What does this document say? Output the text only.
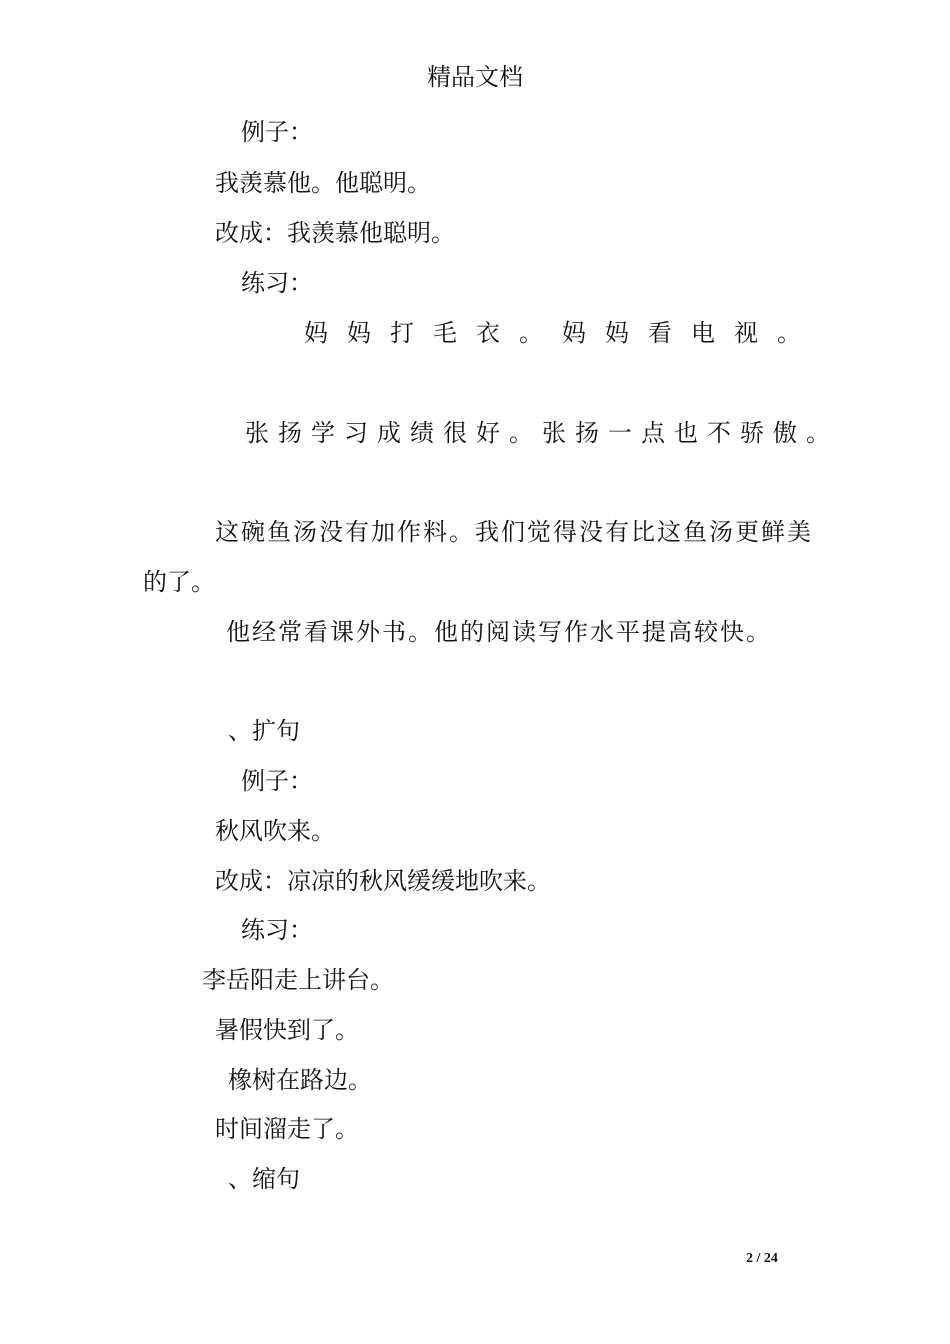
精品文档
例子：
我羡慕他。他聪明。
改成：我羡慕他聪明。
练习：
妈妈打毛衣。妈妈看电视。
张扬学习成绩很好。张扬一点也不骄傲。
这碗鱼汤没有加作料。我们觉得没有比这鱼汤更鲜美
的了。
他经常看课外书。他的阅读写作水平提高较快。
、扩句
例子：
秋风吹来。
改成：凉凉的秋风缓缓地吹来。
练习：
李岳阳走上讲台。
暑假快到了。
橡树在路边。
时间溜走了。
、缩句
2 / 24
